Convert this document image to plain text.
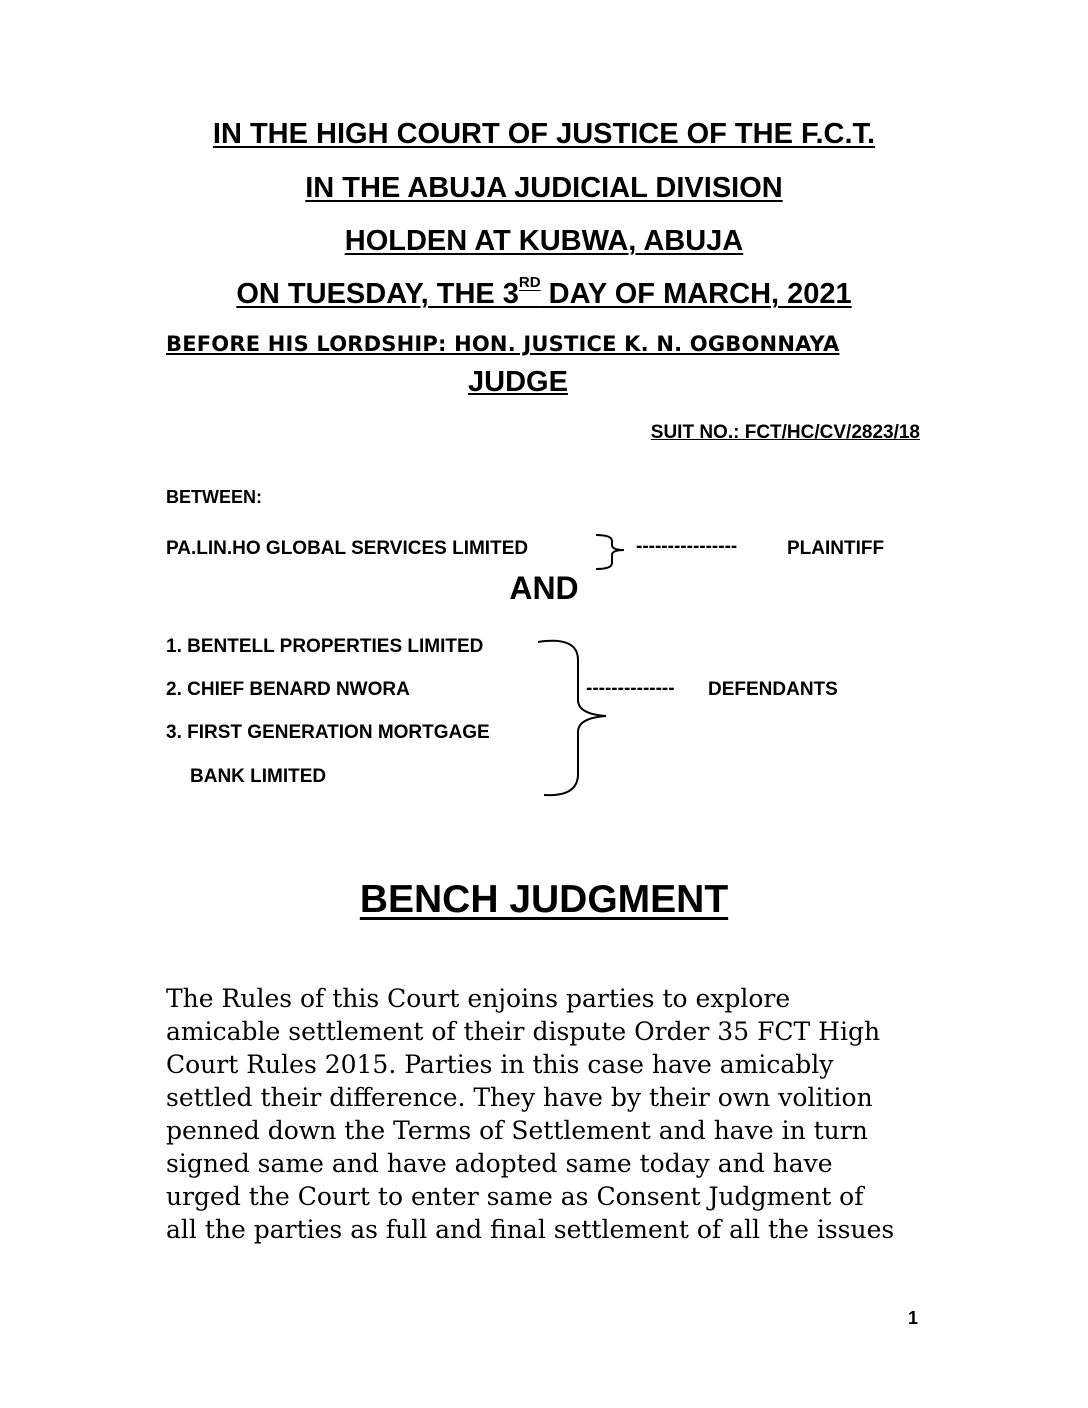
IN THE HIGH COURT OF JUSTICE OF THE F.C.T.
IN THE ABUJA JUDICIAL DIVISION
HOLDEN AT KUBWA, ABUJA
ON TUESDAY, THE 3RD DAY OF MARCH, 2021
BEFORE HIS LORDSHIP: HON. JUSTICE K. N. OGBONNAYA
JUDGE
SUIT NO.: FCT/HC/CV/2823/18
BETWEEN:
PA.LIN.HO GLOBAL SERVICES LIMITED	----------------	PLAINTIFF
AND
1. BENTELL PROPERTIES LIMITED
2. CHIEF BENARD NWORA
3. FIRST GENERATION MORTGAGE
BANK LIMITED
-------------- DEFENDANTS
BENCH JUDGMENT
The Rules of this Court enjoins parties to explore
amicable settlement of their dispute Order 35 FCT High
Court Rules 2015. Parties in this case have amicably
settled their difference. They have by their own volition
penned down the Terms of Settlement and have in turn
signed same and have adopted same today and have
urged the Court to enter same as Consent Judgment of
all the parties as full and final settlement of all the issues
1
